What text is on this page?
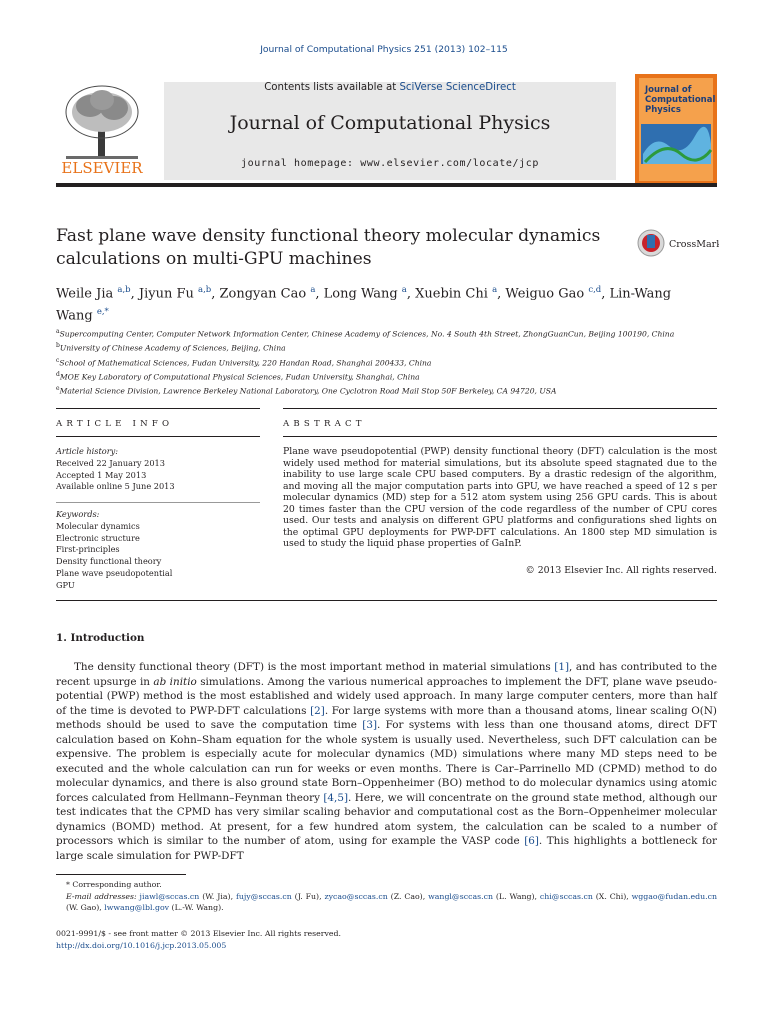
Journal of Computational Physics 251 (2013) 102–115
ELSEVIER
Contents lists available at SciVerse ScienceDirect
Journal of Computational Physics
journal homepage: www.elsevier.com/locate/jcp
Journal of
Computational
Physics
Fast plane wave density functional theory molecular dynamics calculations on multi-GPU machines
CrossMark
Weile Jia $^{a,b}$, Jiyun Fu $^{a,b}$, Zongyan Cao $^a$, Long Wang $^a$, Xuebin Chi $^a$, Weiguo Gao $^{c,d}$, Lin-Wang Wang $^{e,*}$
$^a$Supercomputing Center, Computer Network Information Center, Chinese Academy of Sciences, No. 4 South 4th Street, ZhongGuanCun, Beijing 100190, China
$^b$University of Chinese Academy of Sciences, Beijing, China
$^c$School of Mathematical Sciences, Fudan University, 220 Handan Road, Shanghai 200433, China
$^d$MOE Key Laboratory of Computational Physical Sciences, Fudan University, Shanghai, China
$^e$Material Science Division, Lawrence Berkeley National Laboratory, One Cyclotron Road Mail Stop 50F Berkeley, CA 94720, USA
ARTICLE INFO	ABSTRACT
Article history:
Received 22 January 2013
Accepted 1 May 2013
Available online 5 June 2013
Keywords:
Molecular dynamics
Electronic structure
First-principles
Density functional theory
Plane wave pseudopotential
GPU
Plane wave pseudopotential (PWP) density functional theory (DFT) calculation is the most widely used method for material simulations, but its absolute speed stagnated due to the inability to use large scale CPU based computers. By a drastic redesign of the algorithm, and moving all the major computation parts into GPU, we have reached a speed of 12 s per molecular dynamics (MD) step for a 512 atom system using 256 GPU cards. This is about 20 times faster than the CPU version of the code regardless of the number of CPU cores used. Our tests and analysis on different GPU platforms and configurations shed lights on the optimal GPU deployments for PWP-DFT calculations. An 1800 step MD simulation is used to study the liquid phase properties of GaInP.
© 2013 Elsevier Inc. All rights reserved.
1. Introduction
The density functional theory (DFT) is the most important method in material simulations [1], and has contributed to the recent upsurge in ab initio simulations. Among the various numerical approaches to implement the DFT, plane wave pseudo-potential (PWP) method is the most established and widely used approach. In many large computer centers, more than half of the time is devoted to PWP-DFT calculations [2]. For large systems with more than a thousand atoms, linear scaling O(N) methods should be used to save the computation time [3]. For systems with less than one thousand atoms, direct DFT calculation based on Kohn–Sham equation for the whole system is usually used. Nevertheless, such DFT calculation can be expensive. The problem is especially acute for molecular dynamics (MD) simulations where many MD steps need to be executed and the whole calculation can run for weeks or even months. There is Car–Parrinello MD (CPMD) method to do molecular dynamics, and there is also ground state Born–Oppenheimer (BO) method to do molecular dynamics using atomic forces calculated from Hellmann–Feynman theory [4,5]. Here, we will concentrate on the ground state method, although our test indicates that the CPMD has very similar scaling behavior and computational cost as the Born–Oppenheimer molecular dynamics (BOMD) method. At present, for a few hundred atom system, the calculation can be scaled to a number of processors which is similar to the number of atom, using for example the VASP code [6]. This highlights a bottleneck for large scale simulation for PWP-DFT
* Corresponding author.
E-mail addresses: jiawl@sccas.cn (W. Jia), fujy@sccas.cn (J. Fu), zycao@sccas.cn (Z. Cao), wangl@sccas.cn (L. Wang), chi@sccas.cn (X. Chi), wggao@fudan.edu.cn (W. Gao), lwwang@lbl.gov (L.-W. Wang).
0021-9991/$ - see front matter © 2013 Elsevier Inc. All rights reserved.
http://dx.doi.org/10.1016/j.jcp.2013.05.005
